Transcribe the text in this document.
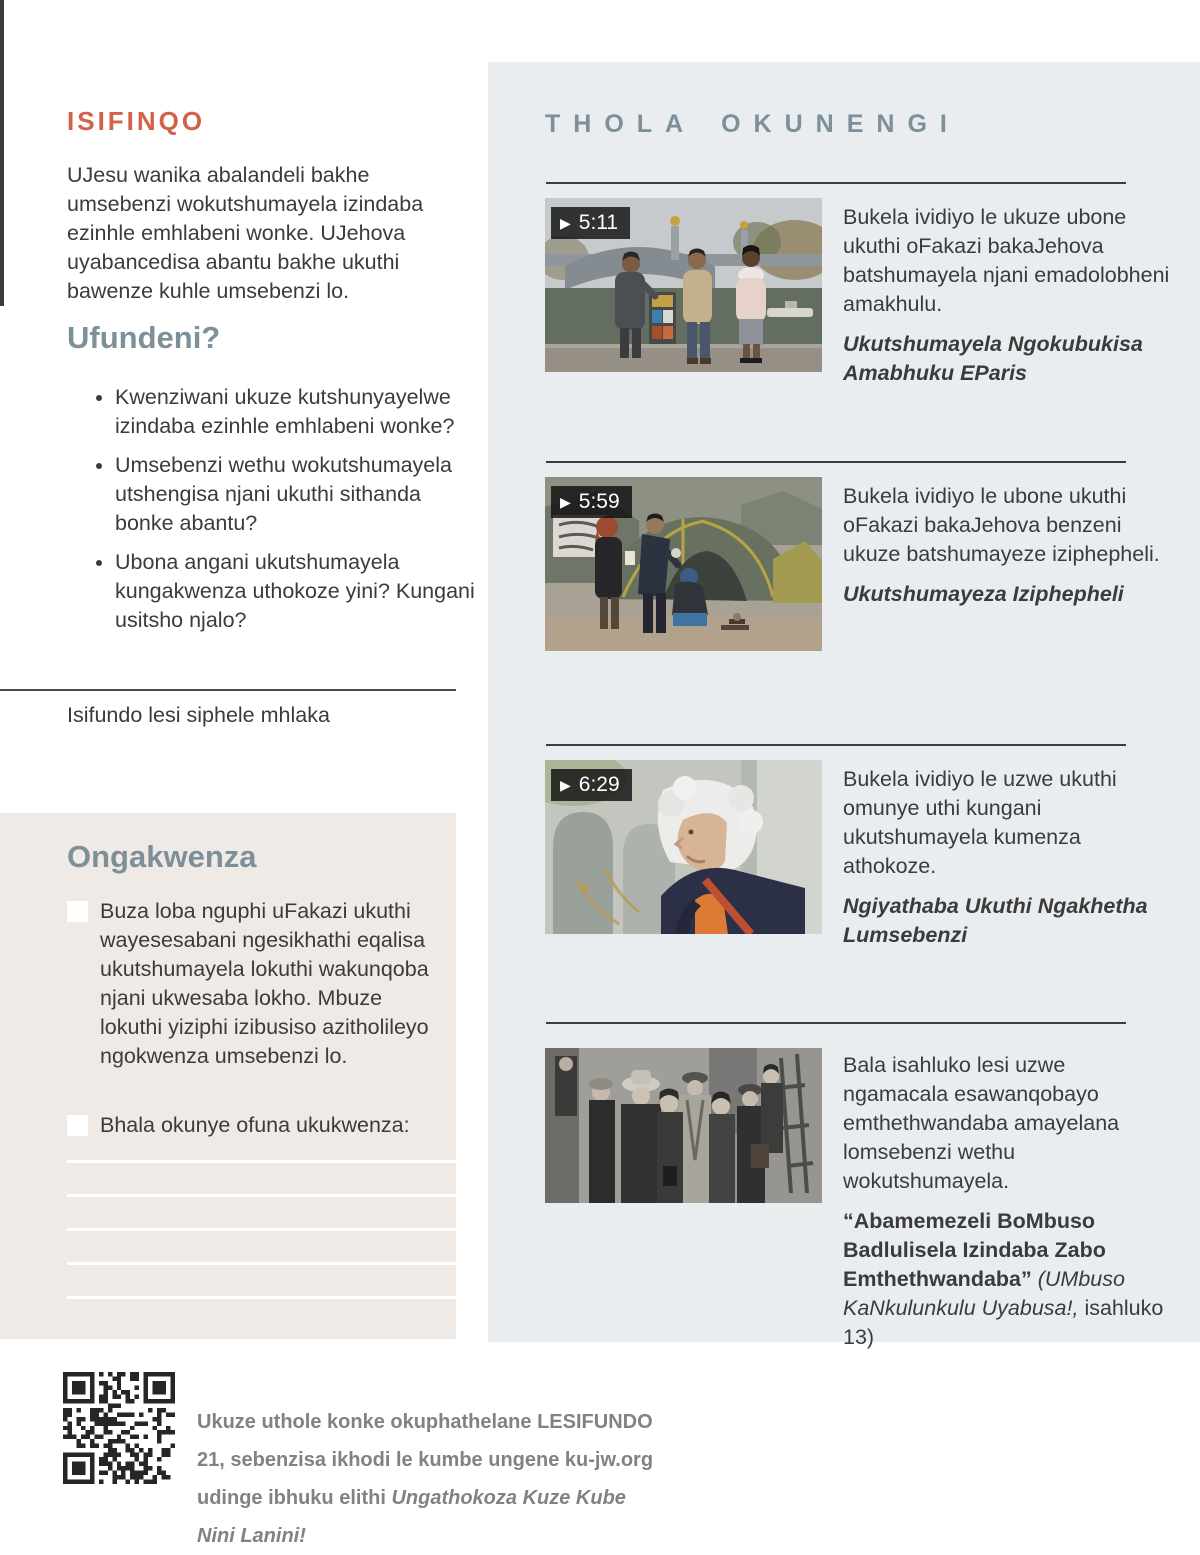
ISIFINQO
UJesu wanika abalandeli bakhe umsebenzi wokutshumayela izindaba ezinhle emhlabeni wonke. UJehova uyabancedisa abantu bakhe ukuthi bawenze kuhle umsebenzi lo.
Ufundeni?
• Kwenziwani ukuze kutshunyayelwe izindaba ezinhle emhlabeni wonke?
• Umsebenzi wethu wokutshumayela utshengisa njani ukuthi sithanda bonke abantu?
• Ubona angani ukutshumayela kungakwenza uthokoze yini? Kungani usitsho njalo?
Isifundo lesi siphele mhlaka
Ongakwenza
Buza loba nguphi uFakazi ukuthi wayesesabani ngesikhathi eqalisa ukutshumayela lokuthi wakunqoba njani ukwesaba lokho. Mbuze lokuthi yiziphi izibusiso azitholileyo ngokwenza umsebenzi lo.
Bhala okunye ofuna ukukwenza:
THOLA OKUNENGI
▶ 5:11	Bukela ividiyo le ukuze ubone ukuthi oFakazi bakaJehova batshumayela njani emadolobheni amakhulu.

Ukutshumayela Ngokubukisa Amabhuku EParis

▶ 5:59	Bukela ividiyo le ubone ukuthi oFakazi bakaJehova benzeni ukuze batshumayeze iziphepheli.

Ukutshumayeza Iziphepheli

▶ 6:29	Bukela ividiyo le uzwe ukuthi omunye uthi kungani ukutshumayela kumenza athokoze.

Ngiyathaba Ukuthi Ngakhetha Lumsebenzi

Bala isahluko lesi uzwe ngamacala esawanqobayo emthethwandaba amayelana lomsebenzi wethu wokutshumayela.

“Abamemezeli BoMbuso Badlulisela Izindaba Zabo Emthethwandaba” (UMbuso KaNkulunkulu Uyabusa!, isahluko 13)

Ukuze uthole konke okuphathelane LESIFUNDO 21, sebenzisa ikhodi le kumbe ungene ku-jw.org udinge ibhuku elithi Ungathokoza Kuze Kube Nini Lanini!
